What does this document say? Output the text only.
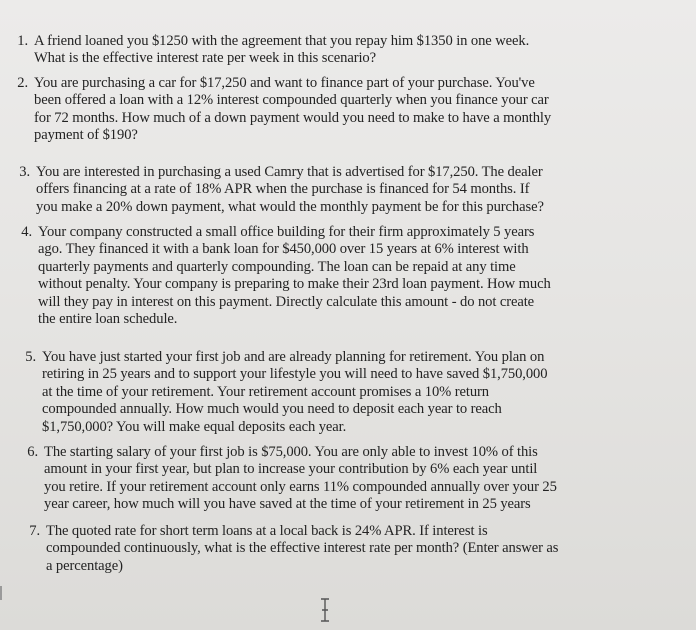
1. A friend loaned you $1250 with the agreement that you repay him $1350 in one week.
What is the effective interest rate per week in this scenario?
2. You are purchasing a car for $17,250 and want to finance part of your purchase. You've
been offered a loan with a 12% interest compounded quarterly when you finance your car
for 72 months. How much of a down payment would you need to make to have a monthly
payment of $190?
3. You are interested in purchasing a used Camry that is advertised for $17,250. The dealer
offers financing at a rate of 18% APR when the purchase is financed for 54 months. If
you make a 20% down payment, what would the monthly payment be for this purchase?
4. Your company constructed a small office building for their firm approximately 5 years
ago. They financed it with a bank loan for $450,000 over 15 years at 6% interest with
quarterly payments and quarterly compounding. The loan can be repaid at any time
without penalty. Your company is preparing to make their 23rd loan payment. How much
will they pay in interest on this payment. Directly calculate this amount - do not create
the entire loan schedule.
5. You have just started your first job and are already planning for retirement. You plan on
retiring in 25 years and to support your lifestyle you will need to have saved $1,750,000
at the time of your retirement. Your retirement account promises a 10% return
compounded annually. How much would you need to deposit each year to reach
$1,750,000? You will make equal deposits each year.
6. The starting salary of your first job is $75,000. You are only able to invest 10% of this
amount in your first year, but plan to increase your contribution by 6% each year until
you retire. If your retirement account only earns 11% compounded annually over your 25
year career, how much will you have saved at the time of your retirement in 25 years
7. The quoted rate for short term loans at a local back is 24% APR. If interest is
compounded continuously, what is the effective interest rate per month? (Enter answer as
a percentage)
